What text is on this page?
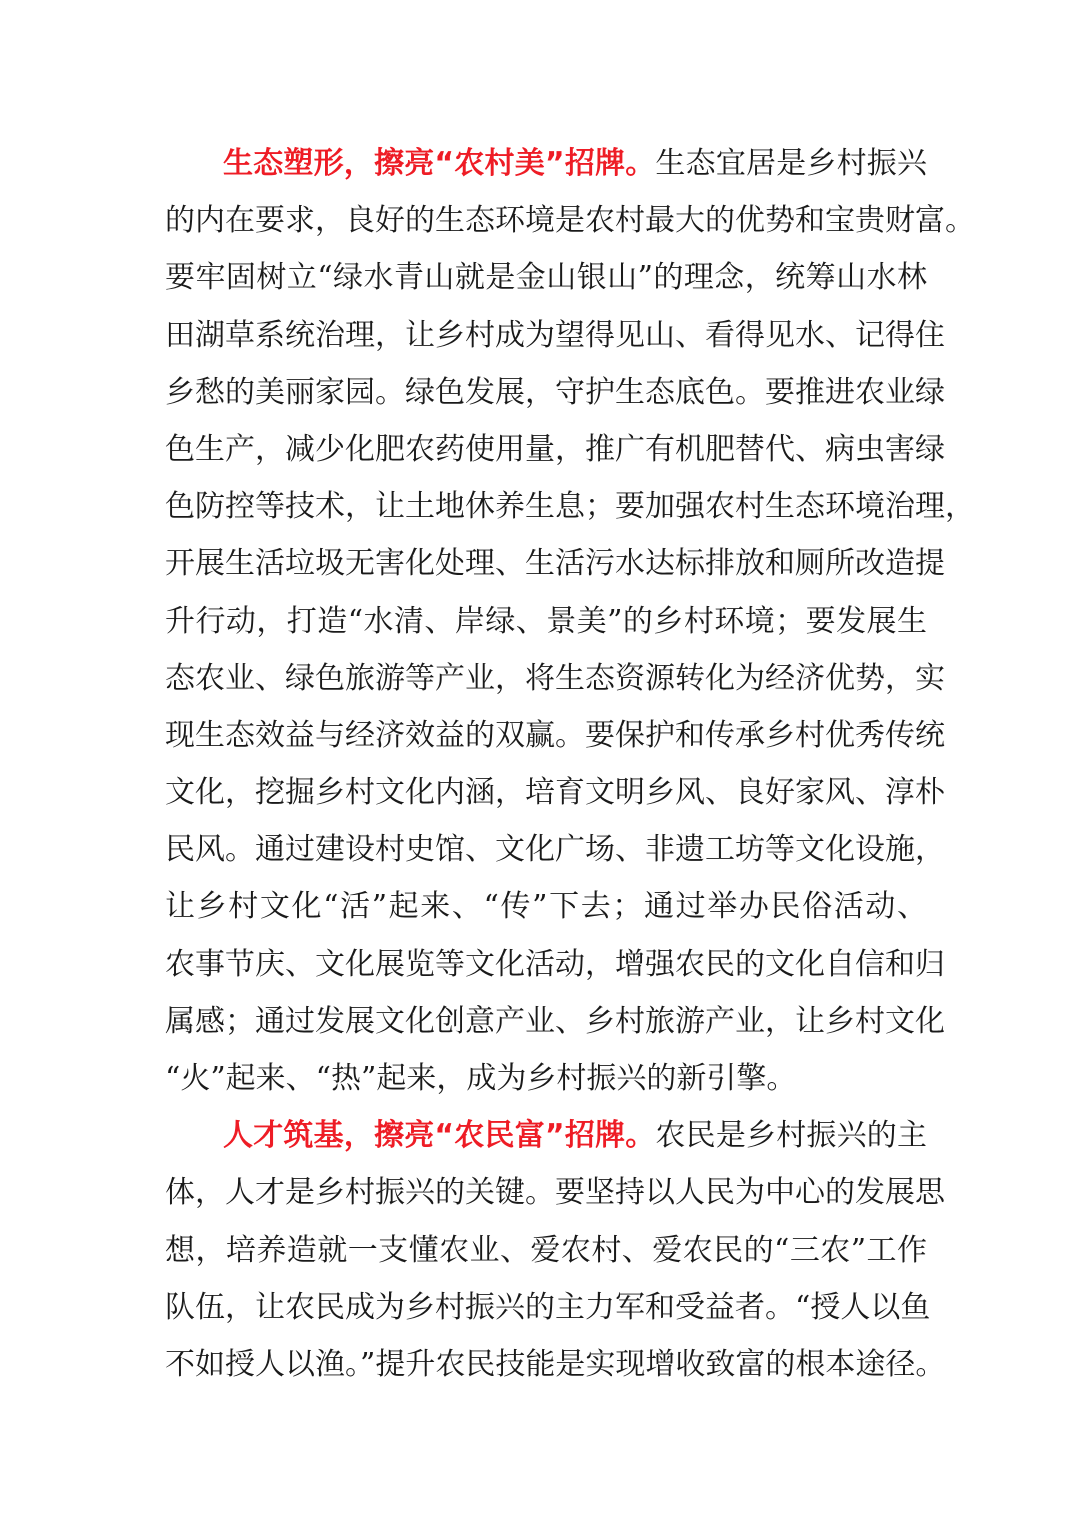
生态塑形，擦亮“农村美”招牌。生态宜居是乡村振兴
的内在要求，良好的生态环境是农村最大的优势和宝贵财富。
要牢固树立“绿水青山就是金山银山”的理念，统筹山水林
田湖草系统治理，让乡村成为望得见山、看得见水、记得住
乡愁的美丽家园。绿色发展，守护生态底色。要推进农业绿
色生产，减少化肥农药使用量，推广有机肥替代、病虫害绿
色防控等技术，让土地休养生息；要加强农村生态环境治理，
开展生活垃圾无害化处理、生活污水达标排放和厕所改造提
升行动，打造“水清、岸绿、景美”的乡村环境；要发展生
态农业、绿色旅游等产业，将生态资源转化为经济优势，实
现生态效益与经济效益的双赢。要保护和传承乡村优秀传统
文化，挖掘乡村文化内涵，培育文明乡风、良好家风、淳朴
民风。通过建设村史馆、文化广场、非遗工坊等文化设施，
让乡村文化“活”起来、“传”下去；通过举办民俗活动、
农事节庆、文化展览等文化活动，增强农民的文化自信和归
属感；通过发展文化创意产业、乡村旅游产业，让乡村文化
“火”起来、“热”起来，成为乡村振兴的新引擎。
人才筑基，擦亮“农民富”招牌。农民是乡村振兴的主
体，人才是乡村振兴的关键。要坚持以人民为中心的发展思
想，培养造就一支懂农业、爱农村、爱农民的“三农”工作
队伍，让农民成为乡村振兴的主力军和受益者。“授人以鱼
不如授人以渔。”提升农民技能是实现增收致富的根本途径。
